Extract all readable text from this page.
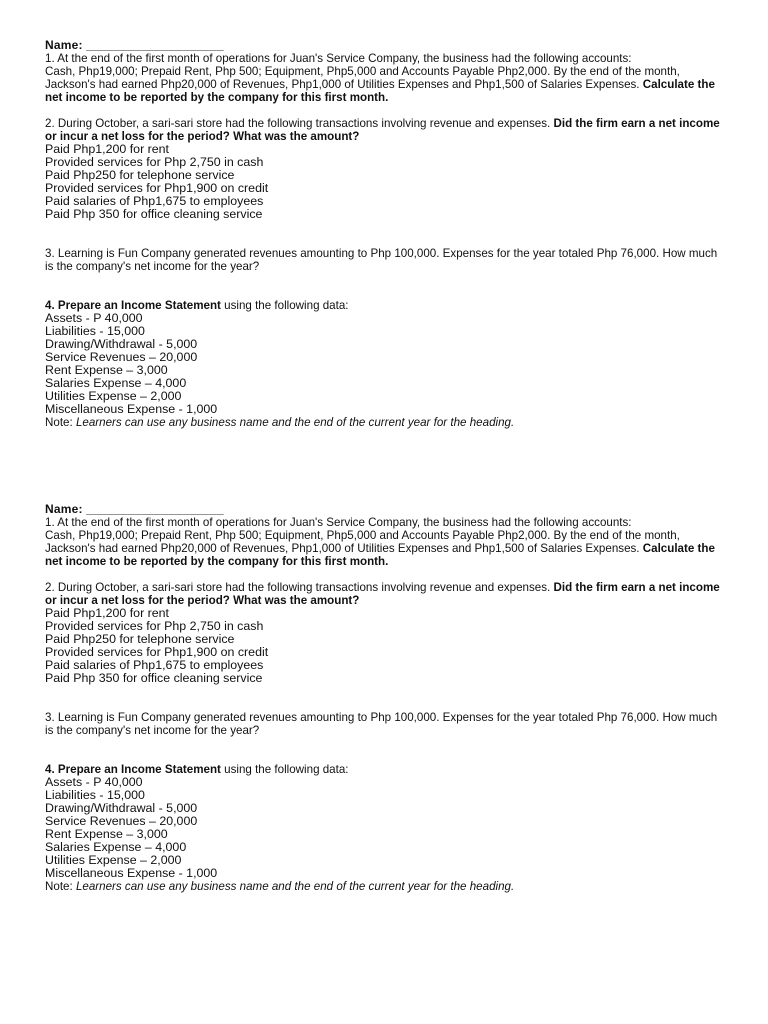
Name: ____________________

1. At the end of the first month of operations for Juan's Service Company, the business had the following accounts:

Cash, Php19,000; Prepaid Rent, Php 500; Equipment, Php5,000 and Accounts Payable Php2,000. By the end of the month, Jackson's had earned Php20,000 of Revenues, Php1,000 of Utilities Expenses and Php1,500 of Salaries Expenses. Calculate the net income to be reported by the company for this first month.

2. During October, a sari-sari store had the following transactions involving revenue and expenses. Did the firm earn a net income or incur a net loss for the period? What was the amount?

Paid Php1,200 for rent
Provided services for Php 2,750 in cash
Paid Php250 for telephone service
Provided services for Php1,900 on credit
Paid salaries of Php1,675 to employees
Paid Php 350 for office cleaning service

3. Learning is Fun Company generated revenues amounting to Php 100,000. Expenses for the year totaled Php 76,000. How much is the company's net income for the year?

4. Prepare an Income Statement using the following data:

Assets - P 40,000
Liabilities - 15,000
Drawing/Withdrawal - 5,000
Service Revenues – 20,000
Rent Expense – 3,000
Salaries Expense – 4,000
Utilities Expense – 2,000
Miscellaneous Expense - 1,000

Note: Learners can use any business name and the end of the current year for the heading.

Name: ____________________

1. At the end of the first month of operations for Juan's Service Company, the business had the following accounts:

Cash, Php19,000; Prepaid Rent, Php 500; Equipment, Php5,000 and Accounts Payable Php2,000. By the end of the month, Jackson's had earned Php20,000 of Revenues, Php1,000 of Utilities Expenses and Php1,500 of Salaries Expenses. Calculate the net income to be reported by the company for this first month.

2. During October, a sari-sari store had the following transactions involving revenue and expenses. Did the firm earn a net income or incur a net loss for the period? What was the amount?

Paid Php1,200 for rent
Provided services for Php 2,750 in cash
Paid Php250 for telephone service
Provided services for Php1,900 on credit
Paid salaries of Php1,675 to employees
Paid Php 350 for office cleaning service

3. Learning is Fun Company generated revenues amounting to Php 100,000. Expenses for the year totaled Php 76,000. How much is the company's net income for the year?

4. Prepare an Income Statement using the following data:

Assets - P 40,000
Liabilities - 15,000
Drawing/Withdrawal - 5,000
Service Revenues – 20,000
Rent Expense – 3,000
Salaries Expense – 4,000
Utilities Expense – 2,000
Miscellaneous Expense - 1,000

Note: Learners can use any business name and the end of the current year for the heading.
